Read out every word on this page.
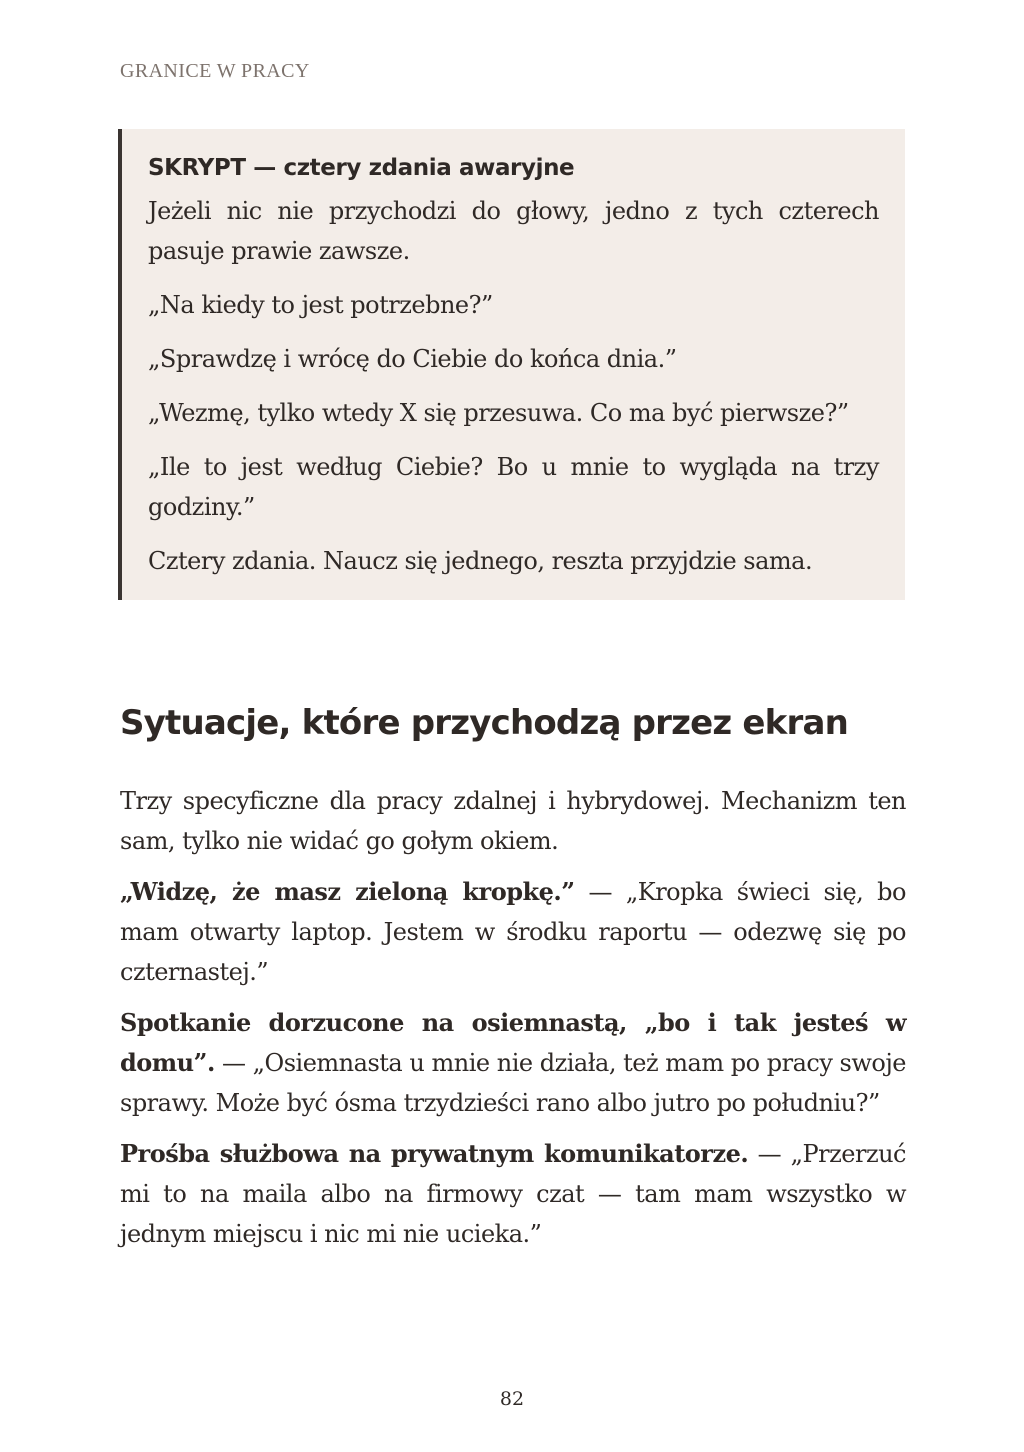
GRANICE W PRACY
SKRYPT — cztery zdania awaryjne

Jeżeli nic nie przychodzi do głowy, jedno z tych czterech pasuje prawie zawsze.

„Na kiedy to jest potrzebne?”

„Sprawdzę i wrócę do Ciebie do końca dnia.”

„Wezmę, tylko wtedy X się przesuwa. Co ma być pierwsze?”

„Ile to jest według Ciebie? Bo u mnie to wygląda na trzy godziny.”

Cztery zdania. Naucz się jednego, reszta przyjdzie sama.

Sytuacje, które przychodzą przez ekran

Trzy specyficzne dla pracy zdalnej i hybrydowej. Mechanizm ten sam, tylko nie widać go gołym okiem.

„Widzę, że masz zieloną kropkę.” — „Kropka świeci się, bo mam otwarty laptop. Jestem w środku raportu — odezwę się po czternastej.”

Spotkanie dorzucone na osiemnastą, „bo i tak jesteś w domu”. — „Osiemnasta u mnie nie działa, też mam po pracy swoje sprawy. Może być ósma trzydzieści rano albo jutro po południu?”

Prośba służbowa na prywatnym komunikatorze. — „Przerzuć mi to na maila albo na firmowy czat — tam mam wszystko w jednym miejscu i nic mi nie ucieka.”

82
